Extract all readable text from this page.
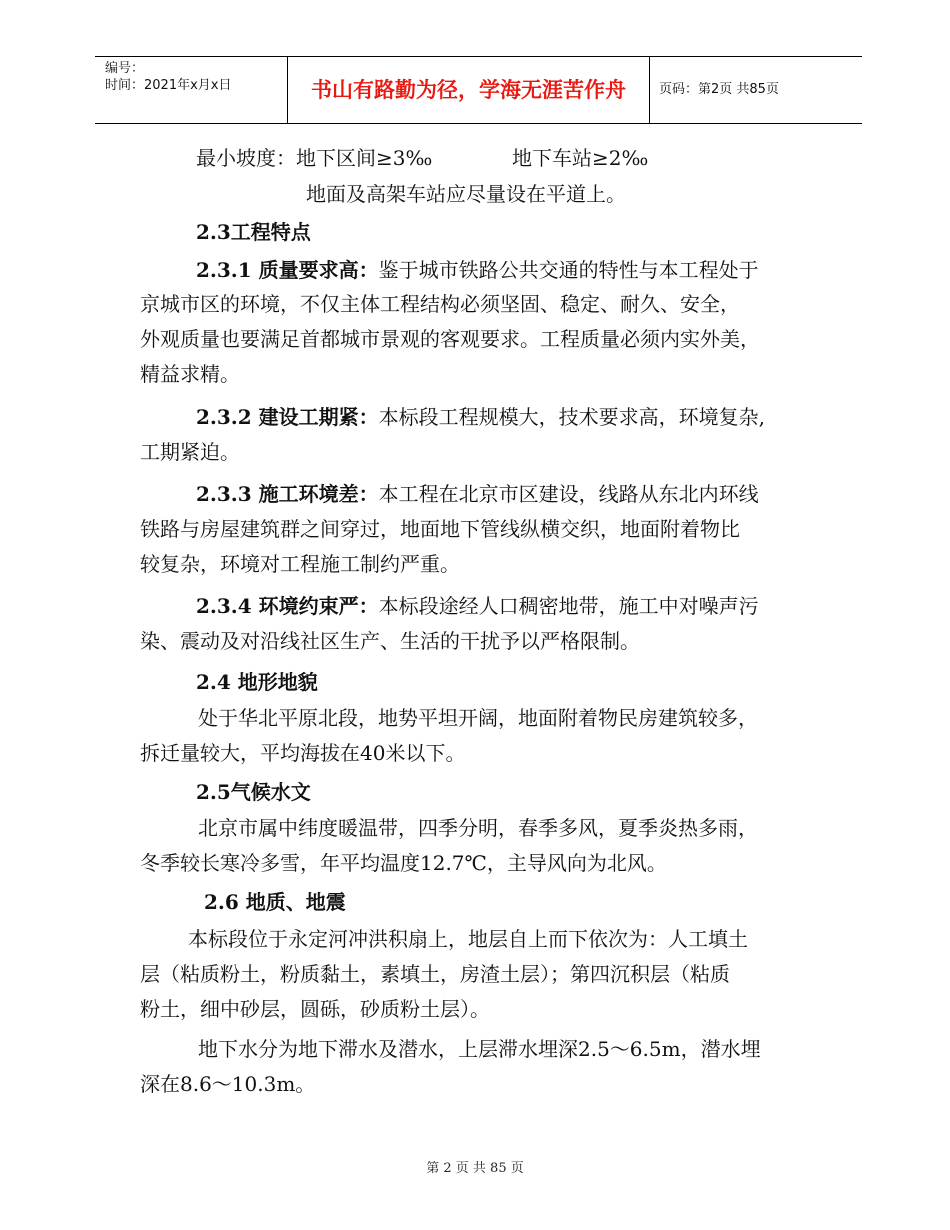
编号：
时间：2021年x月x日	书山有路勤为径，学海无涯苦作舟	页码：第2页 共85页
最小坡度：地下区间≥3‰	地下车站≥2‰
地面及高架车站应尽量设在平道上。
2.3工程特点
2.3.1 质量要求高：鉴于城市铁路公共交通的特性与本工程处于
京城市区的环境，不仅主体工程结构必须坚固、稳定、耐久、安全，
外观质量也要满足首都城市景观的客观要求。工程质量必须内实外美，
精益求精。
2.3.2 建设工期紧：本标段工程规模大，技术要求高，环境复杂,
工期紧迫。
2.3.3 施工环境差：本工程在北京市区建设，线路从东北内环线
铁路与房屋建筑群之间穿过，地面地下管线纵横交织，地面附着物比
较复杂，环境对工程施工制约严重。
2.3.4 环境约束严：本标段途经人口稠密地带，施工中对噪声污
染、震动及对沿线社区生产、生活的干扰予以严格限制。
2.4 地形地貌
处于华北平原北段，地势平坦开阔，地面附着物民房建筑较多，
拆迁量较大，平均海拔在40米以下。
2.5气候水文
北京市属中纬度暖温带，四季分明，春季多风，夏季炎热多雨，
冬季较长寒冷多雪，年平均温度12.7℃，主导风向为北风。
2.6 地质、地震
本标段位于永定河冲洪积扇上，地层自上而下依次为：人工填土
层（粘质粉土，粉质黏土，素填土，房渣土层）；第四沉积层（粘质
粉土，细中砂层，圆砾，砂质粉土层）。
地下水分为地下滞水及潜水，上层滞水埋深2.5～6.5m，潜水埋
深在8.6～10.3m。
第 2 页 共 85 页
